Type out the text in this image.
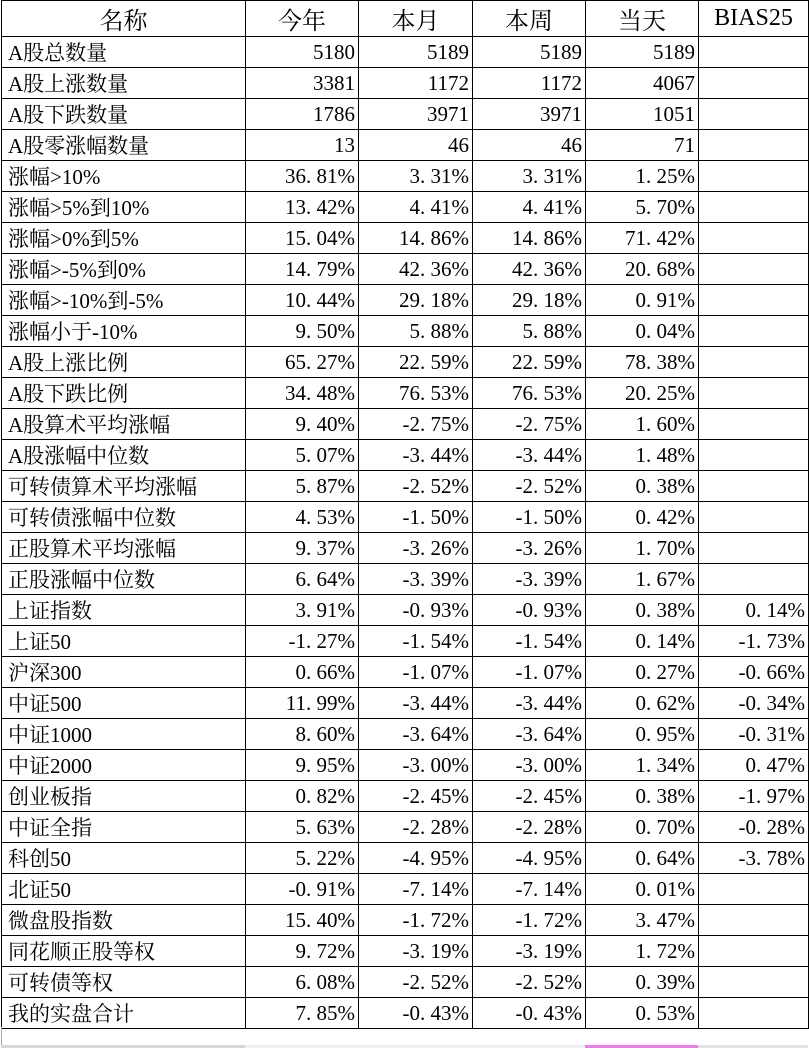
名称	今年	本月	本周	当天	BIAS25
A股总数量	5180	5189	5189	5189	
A股上涨数量	3381	1172	1172	4067	
A股下跌数量	1786	3971	3971	1051	
A股零涨幅数量	13	46	46	71	
涨幅>10%	36. 81%	3. 31%	3. 31%	1. 25%	
涨幅>5%到10%	13. 42%	4. 41%	4. 41%	5. 70%	
涨幅>0%到5%	15. 04%	14. 86%	14. 86%	71. 42%	
涨幅>-5%到0%	14. 79%	42. 36%	42. 36%	20. 68%	
涨幅>-10%到-5%	10. 44%	29. 18%	29. 18%	0. 91%	
涨幅小于-10%	9. 50%	5. 88%	5. 88%	0. 04%	
A股上涨比例	65. 27%	22. 59%	22. 59%	78. 38%	
A股下跌比例	34. 48%	76. 53%	76. 53%	20. 25%	
A股算术平均涨幅	9. 40%	-2. 75%	-2. 75%	1. 60%	
A股涨幅中位数	5. 07%	-3. 44%	-3. 44%	1. 48%	
可转债算术平均涨幅	5. 87%	-2. 52%	-2. 52%	0. 38%	
可转债涨幅中位数	4. 53%	-1. 50%	-1. 50%	0. 42%	
正股算术平均涨幅	9. 37%	-3. 26%	-3. 26%	1. 70%	
正股涨幅中位数	6. 64%	-3. 39%	-3. 39%	1. 67%	
上证指数	3. 91%	-0. 93%	-0. 93%	0. 38%	0. 14%
上证50	-1. 27%	-1. 54%	-1. 54%	0. 14%	-1. 73%
沪深300	0. 66%	-1. 07%	-1. 07%	0. 27%	-0. 66%
中证500	11. 99%	-3. 44%	-3. 44%	0. 62%	-0. 34%
中证1000	8. 60%	-3. 64%	-3. 64%	0. 95%	-0. 31%
中证2000	9. 95%	-3. 00%	-3. 00%	1. 34%	0. 47%
创业板指	0. 82%	-2. 45%	-2. 45%	0. 38%	-1. 97%
中证全指	5. 63%	-2. 28%	-2. 28%	0. 70%	-0. 28%
科创50	5. 22%	-4. 95%	-4. 95%	0. 64%	-3. 78%
北证50	-0. 91%	-7. 14%	-7. 14%	0. 01%	
微盘股指数	15. 40%	-1. 72%	-1. 72%	3. 47%	
同花顺正股等权	9. 72%	-3. 19%	-3. 19%	1. 72%	
可转债等权	6. 08%	-2. 52%	-2. 52%	0. 39%	
我的实盘合计	7. 85%	-0. 43%	-0. 43%	0. 53%	
